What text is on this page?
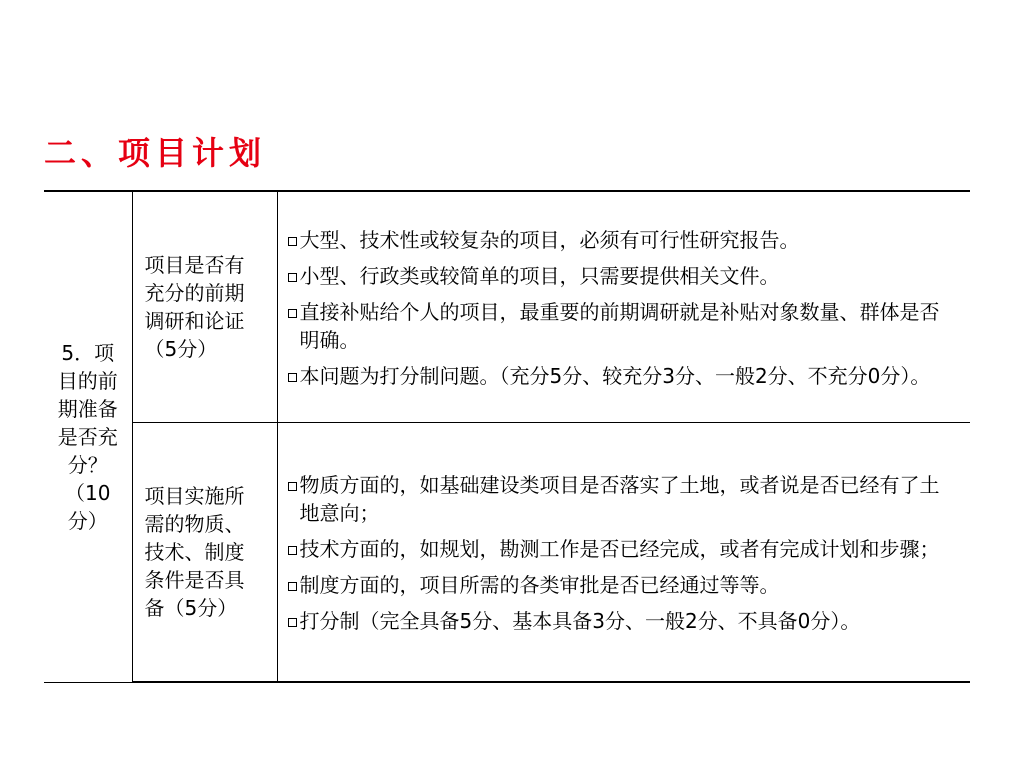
二、项目计划
5．项目的前期准备是否充分？（10分）	项目是否有充分的前期调研和论证（5分）	大型、技术性或较复杂的项目，必须有可行性研究报告。
小型、行政类或较简单的项目，只需要提供相关文件。
直接补贴给个人的项目，最重要的前期调研就是补贴对象数量、群体是否明确。
本问题为打分制问题。（充分5分、较充分3分、一般2分、不充分0分）。

	项目实施所需的物质、技术、制度条件是否具备（5分）	物质方面的，如基础建设类项目是否落实了土地，或者说是否已经有了土地意向；
技术方面的，如规划，勘测工作是否已经完成，或者有完成计划和步骤；
制度方面的，项目所需的各类审批是否已经通过等等。
打分制（完全具备5分、基本具备3分、一般2分、不具备0分）。
